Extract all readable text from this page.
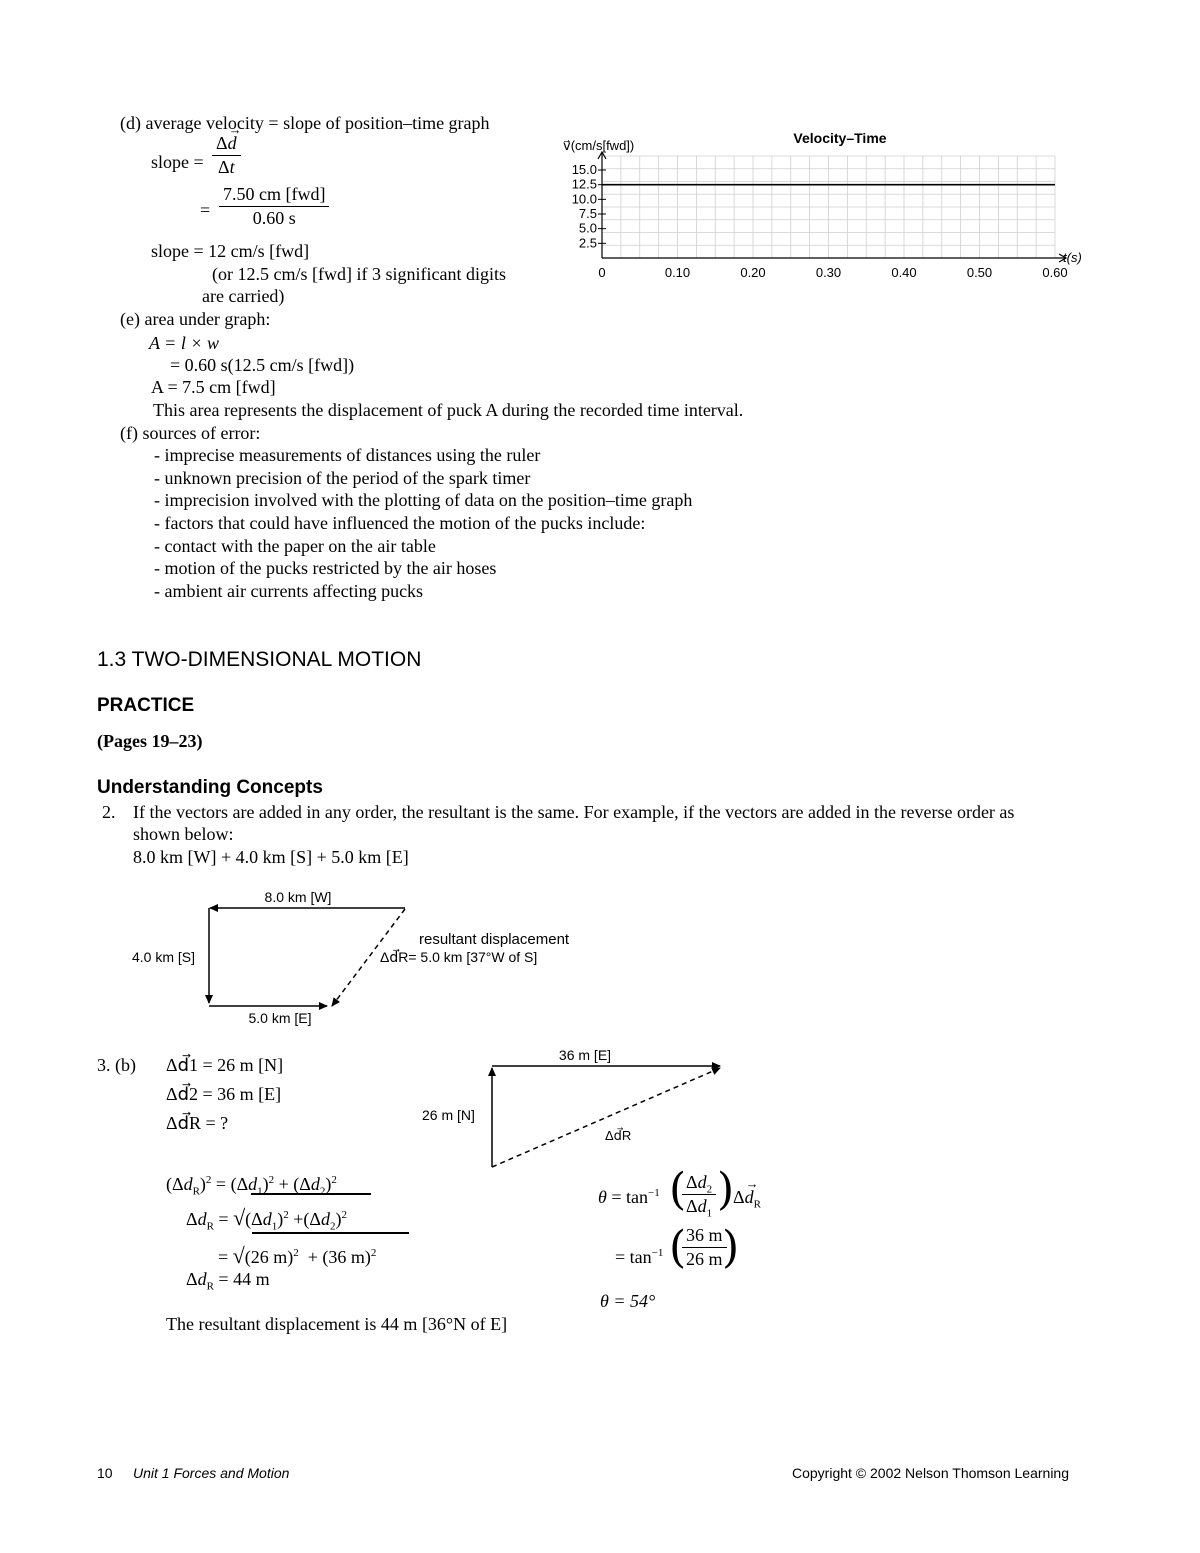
(d) average velocity = slope of position–time graph
slope = $\frac{\Delta\to d}{\Delta t}$
=
7.50 cm [fwd]
0.60 s
slope = 12 cm/s [fwd]
(or 12.5 cm/s [fwd] if 3 significant digits
are carried)
Velocity–Time
v⃗(cm/s[fwd])
t(s)
15.0
12.5
10.0
7.5
5.0
2.5
0	0.10	0.20	0.30	0.40	0.50	0.60
(e) area under graph:
A = l × w
= 0.60 s(12.5 cm/s [fwd])
A = 7.5 cm [fwd]
This area represents the displacement of puck A during the recorded time interval.
(f) sources of error:
- imprecise measurements of distances using the ruler
- unknown precision of the period of the spark timer
- imprecision involved with the plotting of data on the position–time graph
- factors that could have influenced the motion of the pucks include:
- contact with the paper on the air table
- motion of the pucks restricted by the air hoses
- ambient air currents affecting pucks
1.3 TWO-DIMENSIONAL MOTION
PRACTICE
(Pages 19–23)
Understanding Concepts
2. If the vectors are added in any order, the resultant is the same. For example, if the vectors are added in the reverse order as
shown below:
8.0 km [W] + 4.0 km [S] + 5.0 km [E]
8.0 km [W]
4.0 km [S]
5.0 km [E]
resultant displacement
Δd⃗R= 5.0 km [37°W of S]
3. (b) Δd⃗1 = 26 m [N]
Δd⃗2 = 36 m [E]
Δd⃗R = ?
36 m [E]
26 m [N]
Δd⃗R
$(\Delta d_R)^2 = (\Delta d_1)^2 + (\Delta d_2)^2$
$\Delta d_R = √(\Delta d_1)^2 +(\Delta d_2)^2$
= √(26 m)$^2$  + (36 m)$^2$
$\Delta d_R = 44$ m
The resultant displacement is 44 m [36°N of E]
$\theta = \tan^{-1}$ (
$\frac{\Delta d_2}{\Delta d_1}$ )
$\Delta\to d_R$
= $\tan^{-1}$ (
$\frac{36 m}{26 m}$
)
θ = 54°
10 Unit 1 Forces and Motion	Copyright © 2002 Nelson Thomson Learning
